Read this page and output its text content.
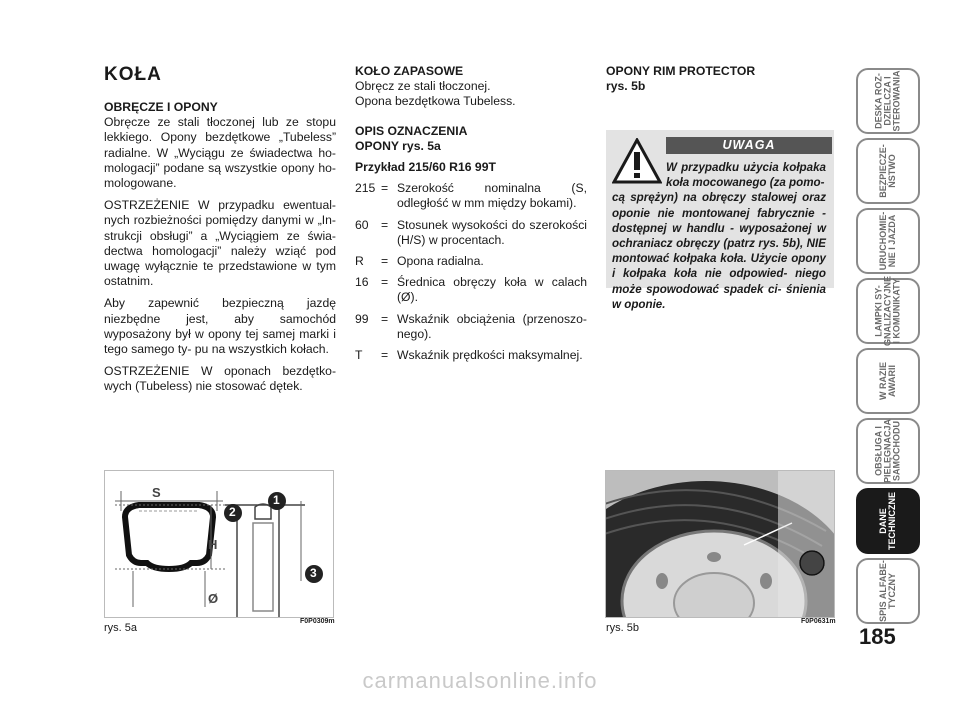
KOŁA
OBRĘCZE I OPONY

Obręcze ze stali tłoczonej lub ze stopu lekkiego. Opony bezdętkowe „Tubeless” radialne. W „Wyciągu ze świadectwa ho- mologacji” podane są wszystkie opony ho- mologowane.

OSTRZEŻENIE W przypadku ewentual- nych rozbieżności pomiędzy danymi w „In- strukcji obsługi” a „Wyciągiem ze świa- dectwa homologacji” należy wziąć pod uwagę wyłącznie te przedstawione w tym ostatnim.

Aby zapewnić bezpieczną jazdę niezbędne jest, aby samochód wyposażony był w opony tej samej marki i tego samego ty- pu na wszystkich kołach.

OSTRZEŻENIE W oponach bezdętko- wych (Tubeless) nie stosować dętek.

KOŁO ZAPASOWE
Obręcz ze stali tłoczonej.
Opona bezdętkowa Tubeless.
OPIS OZNACZENIA
OPONY rys. 5a
Przykład 215/60 R16 99T
215 = Szerokość nominalna (S, odległość w mm między bokami).
60	= Stosunek wysokości do szerokości (H/S) w procentach.
R	= Opona radialna.
16	= Średnica obręczy koła w calach (Ø).
99	= Wskaźnik obciążenia (przenoszo- nego).
T	= Wskaźnik prędkości maksymalnej.
OPONY RIM PROTECTOR
rys. 5b
UWAGA
W przypadku użycia kołpaka koła mocowanego (za pomo-
cą sprężyn) na obręczy stalowej oraz oponie nie montowanej fabrycznie - dostępnej w handlu - wyposażonej w ochraniacz obręczy (patrz rys. 5b), NIE montować kołpaka koła. Użycie opony i kołpaka koła nie odpowied- niego może spowodować spadek ci- śnienia w oponie.
S
H
Ø
1
2
3
rys. 5a
F0P0309m
rys. 5b
F0P0631m
DESKA ROZ-
DZIELCZA I
STEROWANIA
BEZPIECZE-
ŃSTWO
URUCHOMIE-
NIE I JAZDA
LAMPKI SY-
GNALIZACYJNE
I KOMUNIKATY
W RAZIE
AWARII
OBSŁUGA I
PIELĘGNACJA
SAMOCHODU
DANE
TECHNICZNE
SPIS ALFABE-
TYCZNY
185
carmanualsonline.info
